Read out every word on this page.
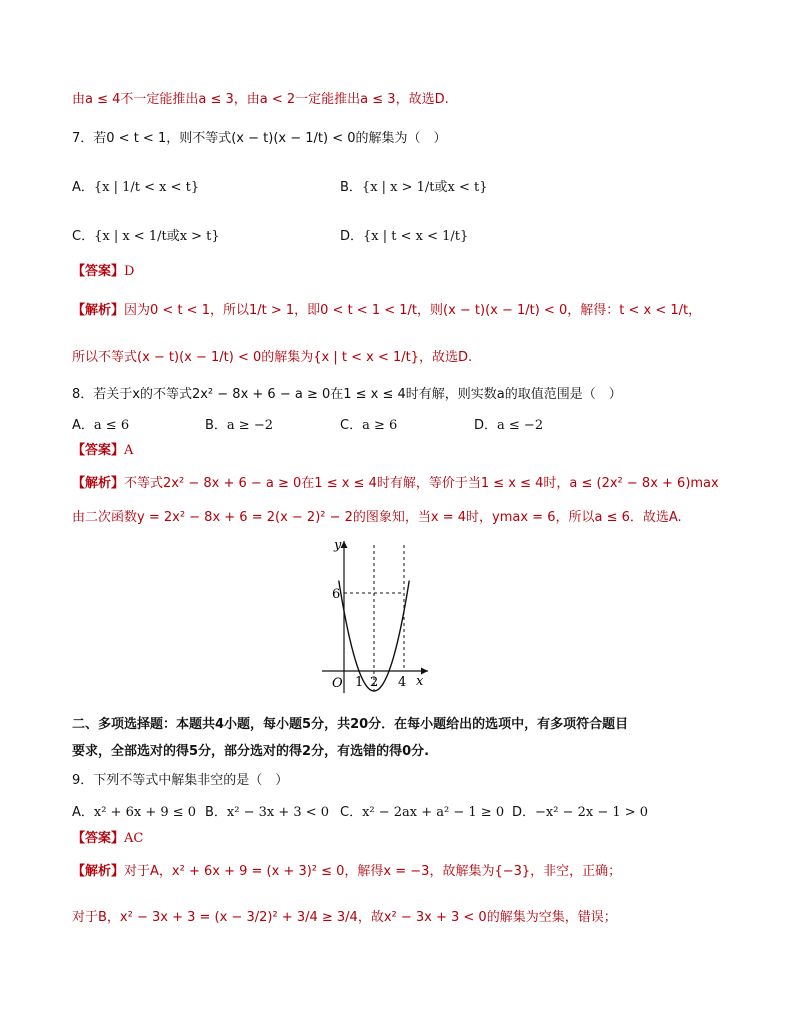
由a ≤ 4不一定能推出a ≤ 3，由a < 2一定能推出a ≤ 3，故选D.
7．若0 < t < 1，则不等式(x − t)(x − 1/t) < 0的解集为（　）
A．{x | 1/t < x < t}	B．{x | x > 1/t或x < t}
C．{x | x < 1/t或x > t}	D．{x | t < x < 1/t}
【答案】D
【解析】因为0 < t < 1，所以1/t > 1，即0 < t < 1 < 1/t，则(x − t)(x − 1/t) < 0，解得：t < x < 1/t，
所以不等式(x − t)(x − 1/t) < 0的解集为{x | t < x < 1/t}，故选D.
8．若关于x的不等式2x² − 8x + 6 − a ≥ 0在1 ≤ x ≤ 4时有解，则实数a的取值范围是（　）
A．a ≤ 6	B．a ≥ −2	C．a ≥ 6	D．a ≤ −2
【答案】A
【解析】不等式2x² − 8x + 6 − a ≥ 0在1 ≤ x ≤ 4时有解，等价于当1 ≤ x ≤ 4时，a ≤ (2x² − 8x + 6)max
由二次函数y = 2x² − 8x + 6 = 2(x − 2)² − 2的图象知，当x = 4时，ymax = 6，所以a ≤ 6．故选A.
y
x
O 1 2 4
6
二、多项选择题：本题共4小题，每小题5分，共20分．在每小题给出的选项中，有多项符合题目
要求，全部选对的得5分，部分选对的得2分，有选错的得0分.
9．下列不等式中解集非空的是（　）
A．x² + 6x + 9 ≤ 0 B．x² − 3x + 3 < 0 C．x² − 2ax + a² − 1 ≥ 0 D．−x² − 2x − 1 > 0
【答案】AC
【解析】对于A，x² + 6x + 9 = (x + 3)² ≤ 0，解得x = −3，故解集为{−3}，非空，正确；
对于B，x² − 3x + 3 = (x − 3/2)² + 3/4 ≥ 3/4，故x² − 3x + 3 < 0的解集为空集，错误；
